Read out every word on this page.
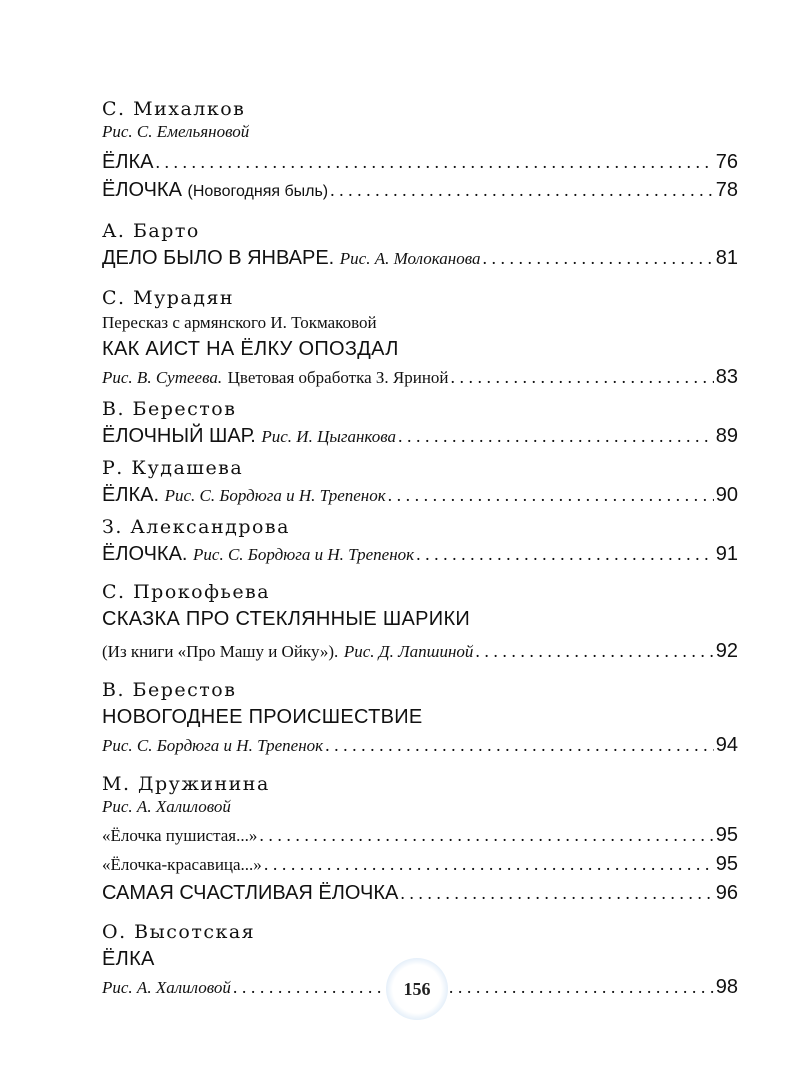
С. Михалков
Рис. С. Емельяновой
ЁЛКА . . .	76
ЁЛОЧКА (Новогодняя быль) . . .	78
А. Барто
ДЕЛО БЫЛО В ЯНВАРЕ. Рис. А. Молоканова . . .	81
С. Мурадян
Пересказ с армянского И. Токмаковой
КАК АИСТ НА ЁЛКУ ОПОЗДАЛ
Рис. В. Сутеева. Цветовая обработка З. Яриной . . .	83
В. Берестов
ЁЛОЧНЫЙ ШАР. Рис. И. Цыганкова . . .	89
Р. Кудашева
ЁЛКА. Рис. С. Бордюга и Н. Трепенок . . .	90
З. Александрова
ЁЛОЧКА. Рис. С. Бордюга и Н. Трепенок . . .	91
С. Прокофьева
СКАЗКА ПРО СТЕКЛЯННЫЕ ШАРИКИ
(Из книги «Про Машу и Ойку»). Рис. Д. Лапшиной . . .	92
В. Берестов
НОВОГОДНЕЕ ПРОИСШЕСТВИЕ
Рис. С. Бордюга и Н. Трепенок . . .	94
М. Дружинина
Рис. А. Халиловой
«Ёлочка пушистая...» . . .	95
«Ёлочка-красавица...» . . .	95
САМАЯ СЧАСТЛИВАЯ ЁЛОЧКА . . .	96
О. Высотская
ЁЛКА
Рис. А. Халиловой . . .	98
156
